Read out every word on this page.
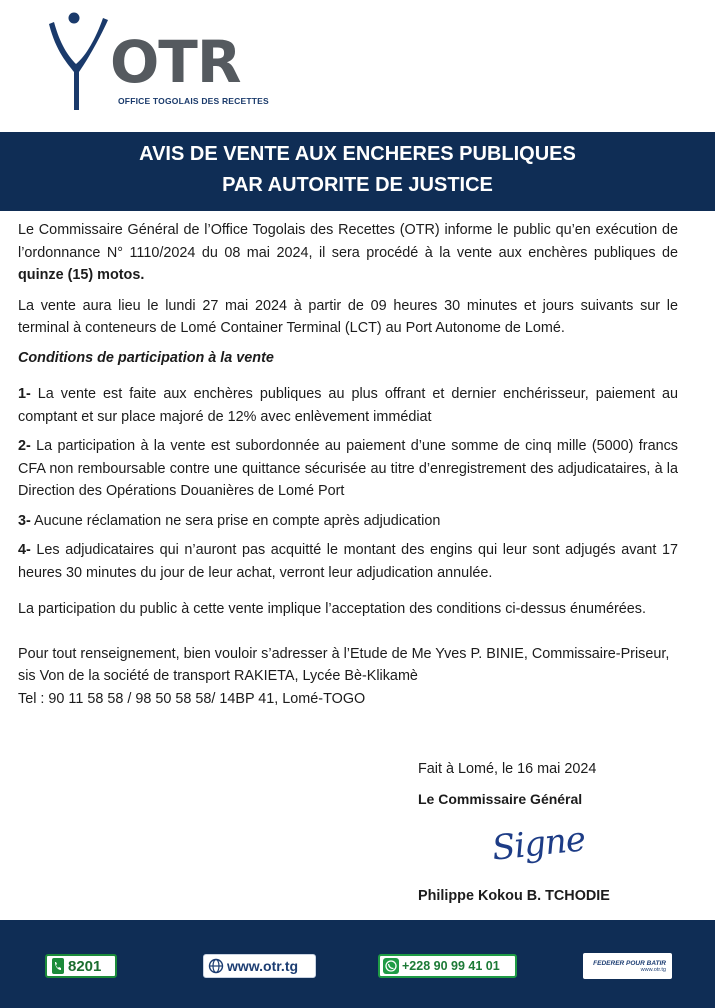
OTR
OFFICE TOGOLAIS DES RECETTES
AVIS DE VENTE AUX ENCHERES PUBLIQUES
PAR AUTORITE DE JUSTICE

Le Commissaire Général de l’Office Togolais des Recettes (OTR) informe le public qu’en exécution de l’ordonnance N° 1110/2024 du 08 mai 2024, il sera procédé à la vente aux enchères publiques de quinze (15) motos.

La vente aura lieu le lundi 27 mai 2024 à partir de 09 heures 30 minutes et jours suivants sur le terminal à conteneurs de Lomé Container Terminal (LCT) au Port Autonome de Lomé.

Conditions de participation à la vente

1- La vente est faite aux enchères publiques au plus offrant et dernier enchérisseur, paiement au comptant et sur place majoré de 12% avec enlèvement immédiat

2- La participation à la vente est subordonnée au paiement d’une somme de cinq mille (5000) francs CFA non remboursable contre une quittance sécurisée au titre d’enregistrement des adjudicataires, à la Direction des Opérations Douanières de Lomé Port

3- Aucune réclamation ne sera prise en compte après adjudication

4- Les adjudicataires qui n’auront pas acquitté le montant des engins qui leur sont adjugés avant 17 heures 30 minutes du jour de leur achat, verront leur adjudication annulée.

La participation du public à cette vente implique l’acceptation des conditions ci-dessus énumérées.

Pour tout renseignement, bien vouloir s’adresser à l’Etude de Me Yves P. BINIE, Commissaire-Priseur, sis Von de la société de transport RAKIETA, Lycée Bè-Klikamè
Tel : 90 11 58 58 / 98 50 58 58/ 14BP 41, Lomé-TOGO

Fait à Lomé, le 16 mai 2024
Le Commissaire Général
Signe
Philippe Kokou B. TCHODIE
8201	www.otr.tg	+228 90 99 41 01	FEDERER POUR BATIR
www.otr.tg
